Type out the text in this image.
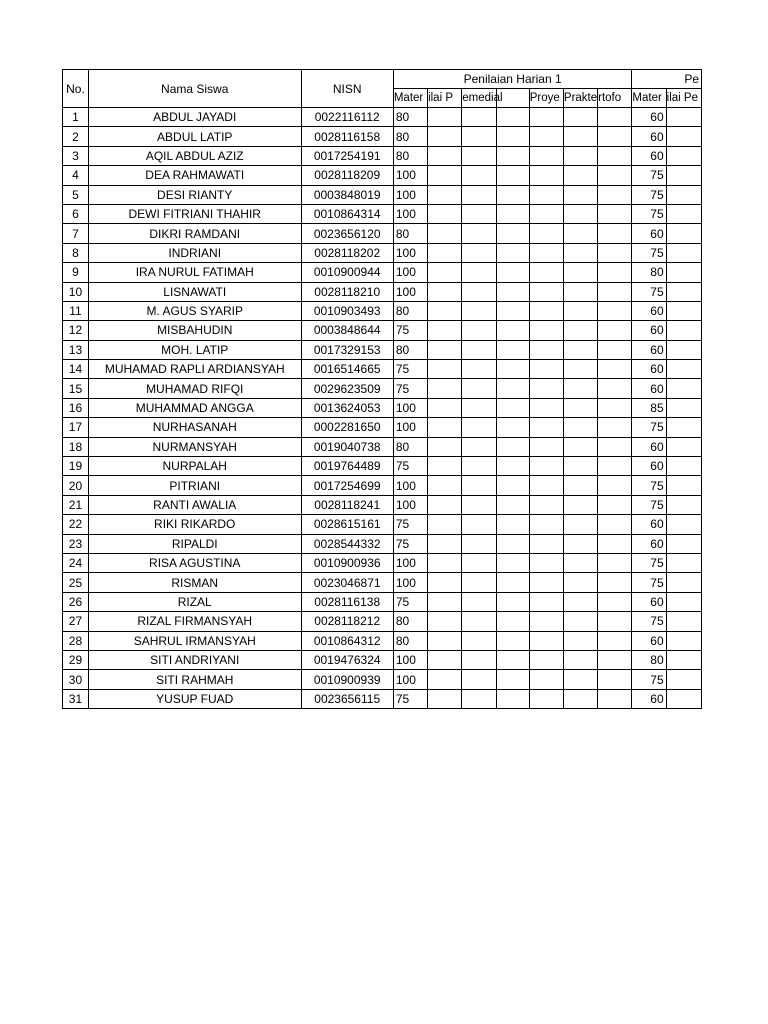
No.	Nama Siswa	NISN	Penilaian Harian 1							Pe	
			Mater	ilai P	emedial		Proye	Prakte	rtofo	Mater	ilai Pe
1	ABDUL JAYADI	0022116112	80							60	
2	ABDUL LATIP	0028116158	80							60	
3	AQIL ABDUL AZIZ	0017254191	80							60	
4	DEA RAHMAWATI	0028118209	100							75	
5	DESI RIANTY	0003848019	100							75	
6	DEWI FITRIANI THAHIR	0010864314	100							75	
7	DIKRI RAMDANI	0023656120	80							60	
8	INDRIANI	0028118202	100							75	
9	IRA NURUL FATIMAH	0010900944	100							80	
10	LISNAWATI	0028118210	100							75	
11	M. AGUS SYARIP	0010903493	80							60	
12	MISBAHUDIN	0003848644	75							60	
13	MOH. LATIP	0017329153	80							60	
14	MUHAMAD RAPLI ARDIANSYAH	0016514665	75							60	
15	MUHAMAD RIFQI	0029623509	75							60	
16	MUHAMMAD ANGGA	0013624053	100							85	
17	NURHASANAH	0002281650	100							75	
18	NURMANSYAH	0019040738	80							60	
19	NURPALAH	0019764489	75							60	
20	PITRIANI	0017254699	100							75	
21	RANTI AWALIA	0028118241	100							75	
22	RIKI RIKARDO	0028615161	75							60	
23	RIPALDI	0028544332	75							60	
24	RISA AGUSTINA	0010900936	100							75	
25	RISMAN	0023046871	100							75	
26	RIZAL	0028116138	75							60	
27	RIZAL FIRMANSYAH	0028118212	80							75	
28	SAHRUL IRMANSYAH	0010864312	80							60	
29	SITI ANDRIYANI	0019476324	100							80	
30	SITI RAHMAH	0010900939	100							75	
31	YUSUP FUAD	0023656115	75							60	
